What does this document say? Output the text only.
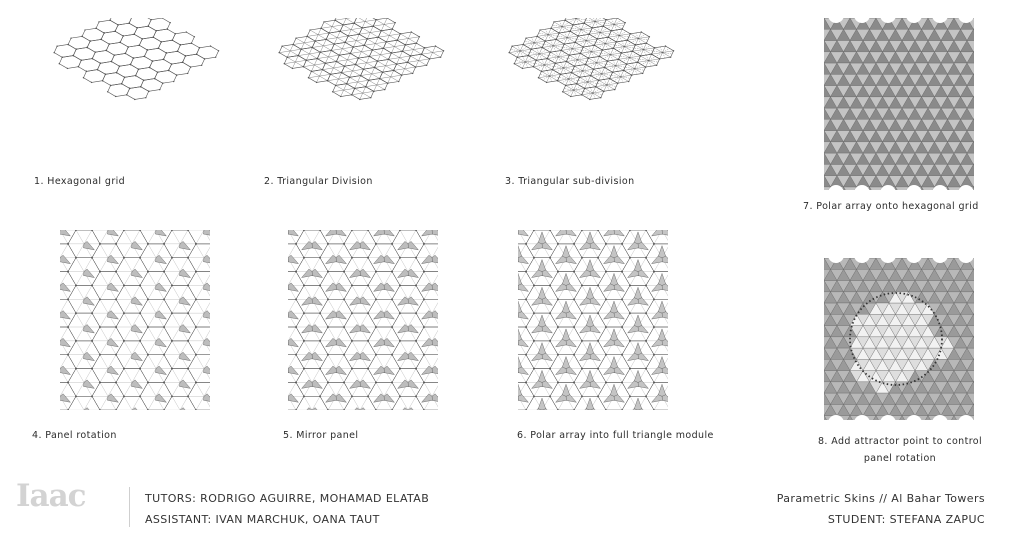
1. Hexagonal grid	2. Triangular Division	3. Triangular sub-division
7. Polar array onto hexagonal grid
4. Panel rotation	5. Mirror panel	6. Polar array into full triangle module
8. Add attractor point to control
panel rotation
Iaac	TUTORS: RODRIGO AGUIRRE, MOHAMAD ELATAB
ASSISTANT: IVAN MARCHUK, OANA TAUT
Parametric Skins // Al Bahar Towers
STUDENT: STEFANA ZAPUC
